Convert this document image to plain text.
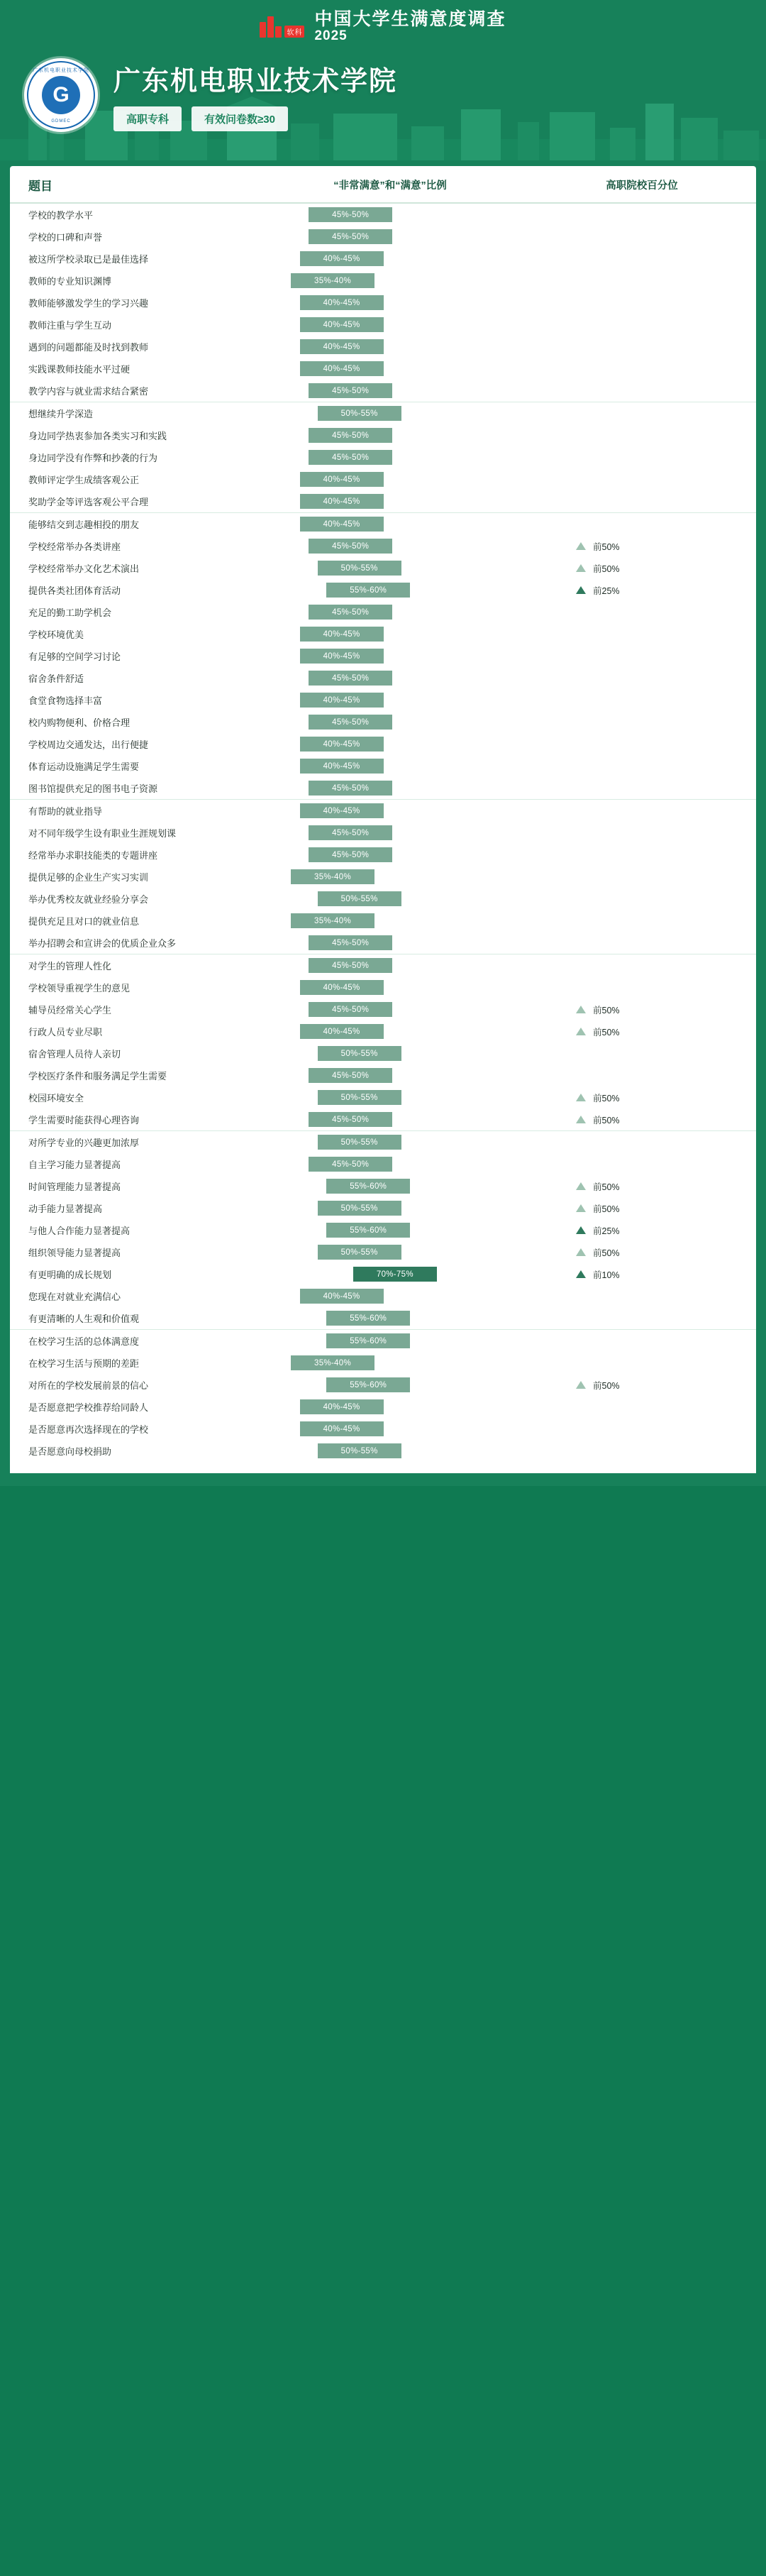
软科
中国大学生满意度调查
2025
广东机电职业技术学院
G
GDMEC
广东机电职业技术学院
高职专科	有效问卷数≥30
题目	“非常满意”和“满意”比例	高职院校百分位
学校的教学水平	45%-50%
学校的口碑和声誉	45%-50%
被这所学校录取已是最佳选择	40%-45%
教师的专业知识渊博	35%-40%
教师能够激发学生的学习兴趣	40%-45%
教师注重与学生互动	40%-45%
遇到的问题都能及时找到教师	40%-45%
实践课教师技能水平过硬	40%-45%
教学内容与就业需求结合紧密	45%-50%
想继续升学深造	50%-55%
身边同学热衷参加各类实习和实践	45%-50%
身边同学没有作弊和抄袭的行为	45%-50%
教师评定学生成绩客观公正	40%-45%
奖助学金等评选客观公平合理	40%-45%
能够结交到志趣相投的朋友	40%-45%
学校经常举办各类讲座	45%-50%	前50%
学校经常举办文化艺术演出	50%-55%	前50%
提供各类社团体育活动	55%-60%	前25%
充足的勤工助学机会	45%-50%
学校环境优美	40%-45%
有足够的空间学习讨论	40%-45%
宿舍条件舒适	45%-50%
食堂食物选择丰富	40%-45%
校内购物便利、价格合理	45%-50%
学校周边交通发达，出行便捷	40%-45%
体育运动设施满足学生需要	40%-45%
图书馆提供充足的图书电子资源	45%-50%
有帮助的就业指导	40%-45%
对不同年级学生设有职业生涯规划课	45%-50%
经常举办求职技能类的专题讲座	45%-50%
提供足够的企业生产实习实训	35%-40%
举办优秀校友就业经验分享会	50%-55%
提供充足且对口的就业信息	35%-40%
举办招聘会和宣讲会的优质企业众多	45%-50%
对学生的管理人性化	45%-50%
学校领导重视学生的意见	40%-45%
辅导员经常关心学生	45%-50%	前50%
行政人员专业尽职	40%-45%	前50%
宿舍管理人员待人亲切	50%-55%
学校医疗条件和服务满足学生需要	45%-50%
校园环境安全	50%-55%	前50%
学生需要时能获得心理咨询	45%-50%	前50%
对所学专业的兴趣更加浓厚	50%-55%
自主学习能力显著提高	45%-50%
时间管理能力显著提高	55%-60%	前50%
动手能力显著提高	50%-55%	前50%
与他人合作能力显著提高	55%-60%	前25%
组织领导能力显著提高	50%-55%	前50%
有更明确的成长规划	70%-75%	前10%
您现在对就业充满信心	40%-45%
有更清晰的人生观和价值观	55%-60%
在校学习生活的总体满意度	55%-60%
在校学习生活与预期的差距	35%-40%
对所在的学校发展前景的信心	55%-60%	前50%
是否愿意把学校推荐给同龄人	40%-45%
是否愿意再次选择现在的学校	40%-45%
是否愿意向母校捐助	50%-55%
